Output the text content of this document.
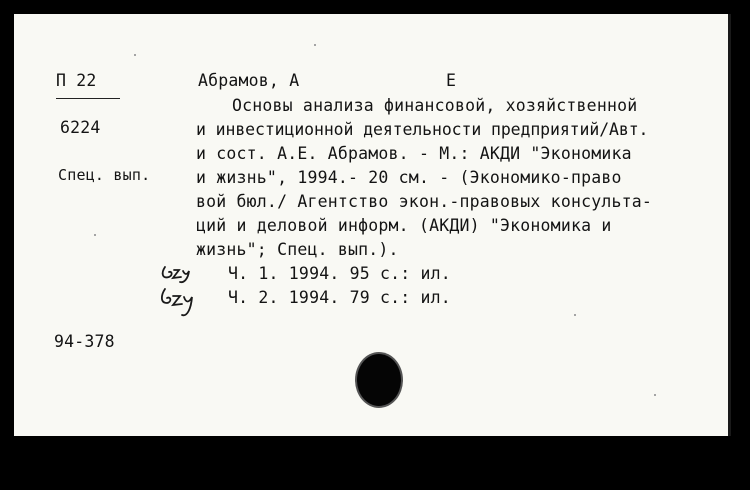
П 22
6224
Спец. вып.
94-378
Абрамов, А	Е
Основы анализа финансовой, хозяйственной
и инвестиционной деятельности предприятий/Авт.
и сост. А.Е. Абрамов. - М.: АКДИ "Экономика
и жизнь", 1994.- 20 см. - (Экономико-право
вой бюл./ Агентство экон.-правовых консульта-
ций и деловой информ. (АКДИ) "Экономика и
жизнь"; Спец. вып.).
Ч. 1. 1994. 95 с.: ил.
Ч. 2. 1994. 79 с.: ил.
